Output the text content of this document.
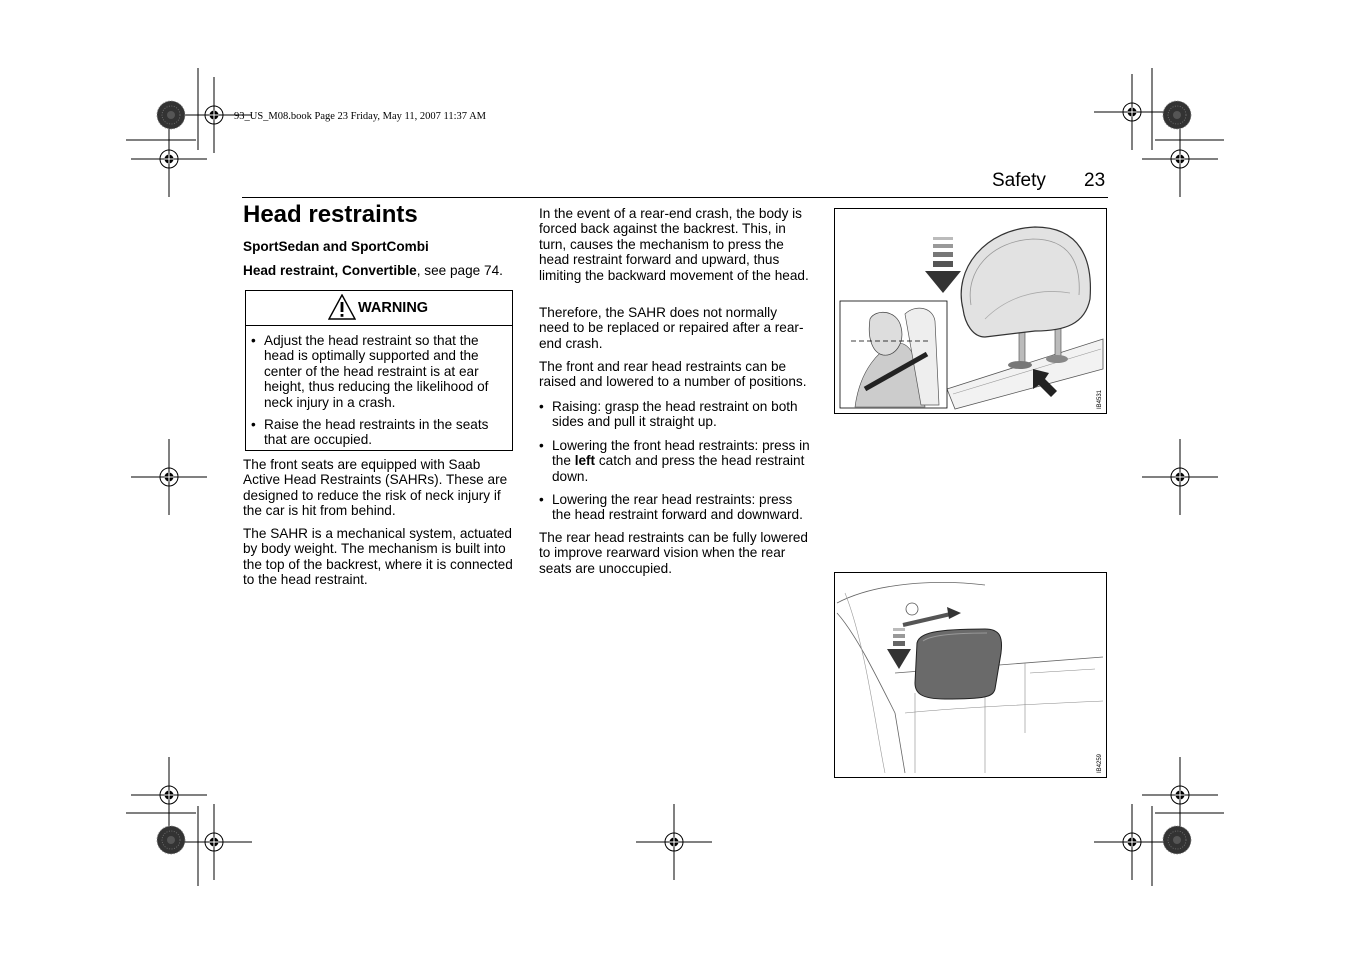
93_US_M08.book Page 23 Friday, May 11, 2007 11:37 AM
Safety 23
Head restraints

SportSedan and SportCombi

Head restraint, Convertible, see page 74.

WARNING
• Adjust the head restraint so that the head is optimally supported and the center of the head restraint is at ear height, thus reducing the likelihood of neck injury in a crash.
• Raise the head restraints in the seats that are occupied.

The front seats are equipped with Saab Active Head Restraints (SAHRs). These are designed to reduce the risk of neck injury if the car is hit from behind.

The SAHR is a mechanical system, actuated by body weight. The mechanism is built into the top of the backrest, where it is connected to the head restraint.

In the event of a rear-end crash, the body is forced back against the backrest. This, in turn, causes the mechanism to press the head restraint forward and upward, thus limiting the backward movement of the head.

Therefore, the SAHR does not normally need to be replaced or repaired after a rear-end crash.

The front and rear head restraints can be raised and lowered to a number of positions.

• Raising: grasp the head restraint on both sides and pull it straight up.
• Lowering the front head restraints: press in the left catch and press the head restraint down.
• Lowering the rear head restraints: press the head restraint forward and downward.

The rear head restraints can be fully lowered to improve rearward vision when the rear seats are unoccupied.

IB4531
IB4259
